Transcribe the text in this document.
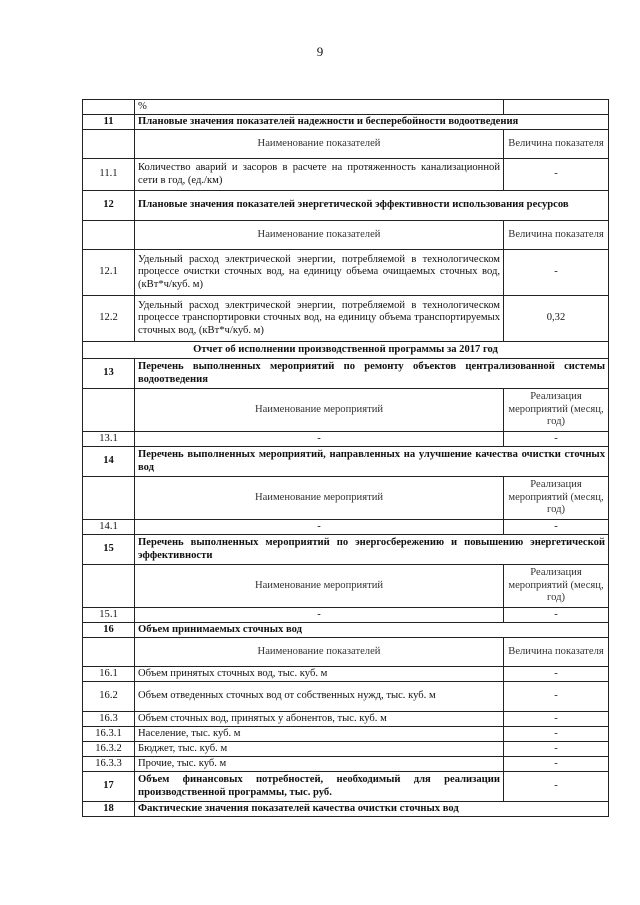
9
	%	
11	Плановые значения показателей надежности и бесперебойности водоотведения	
	Наименование показателей	Величина показателя
11.1	Количество аварий и засоров в расчете на протяженность канализационной сети в год, (ед./км)	-
12	Плановые значения показателей энергетической эффективности использования ресурсов	
	Наименование показателей	Величина показателя
12.1	Удельный расход электрической энергии, потребляемой в технологическом процессе очистки сточных вод, на единицу объема очищаемых сточных вод, (кВт*ч/куб. м)	-
12.2	Удельный расход электрической энергии, потребляемой в технологическом процессе транспортировки сточных вод, на единицу объема транспортируемых сточных вод, (кВт*ч/куб. м)	0,32
Отчет об исполнении производственной программы за 2017 год		
13	Перечень выполненных мероприятий по ремонту объектов централизованной системы водоотведения	
	Наименование мероприятий	Реализация мероприятий (месяц, год)
13.1	-	-
14	Перечень выполненных мероприятий, направленных на улучшение качества очистки сточных вод	
	Наименование мероприятий	Реализация мероприятий (месяц, год)
14.1	-	-
15	Перечень выполненных мероприятий по энергосбережению и повышению энергетической эффективности	
	Наименование мероприятий	Реализация мероприятий (месяц, год)
15.1	-	-
16	Объем принимаемых сточных вод	
	Наименование показателей	Величина показателя
16.1	Объем принятых сточных вод, тыс. куб. м	-
16.2	Объем отведенных сточных вод от собственных нужд, тыс. куб. м	-
16.3	Объем сточных вод, принятых у абонентов, тыс. куб. м	-
16.3.1	Население, тыс. куб. м	-
16.3.2	Бюджет, тыс. куб. м	-
16.3.3	Прочие, тыс. куб. м	-
17	Объем финансовых потребностей, необходимый для реализации производственной программы, тыс. руб.	-
18	Фактические значения показателей качества очистки сточных вод	
